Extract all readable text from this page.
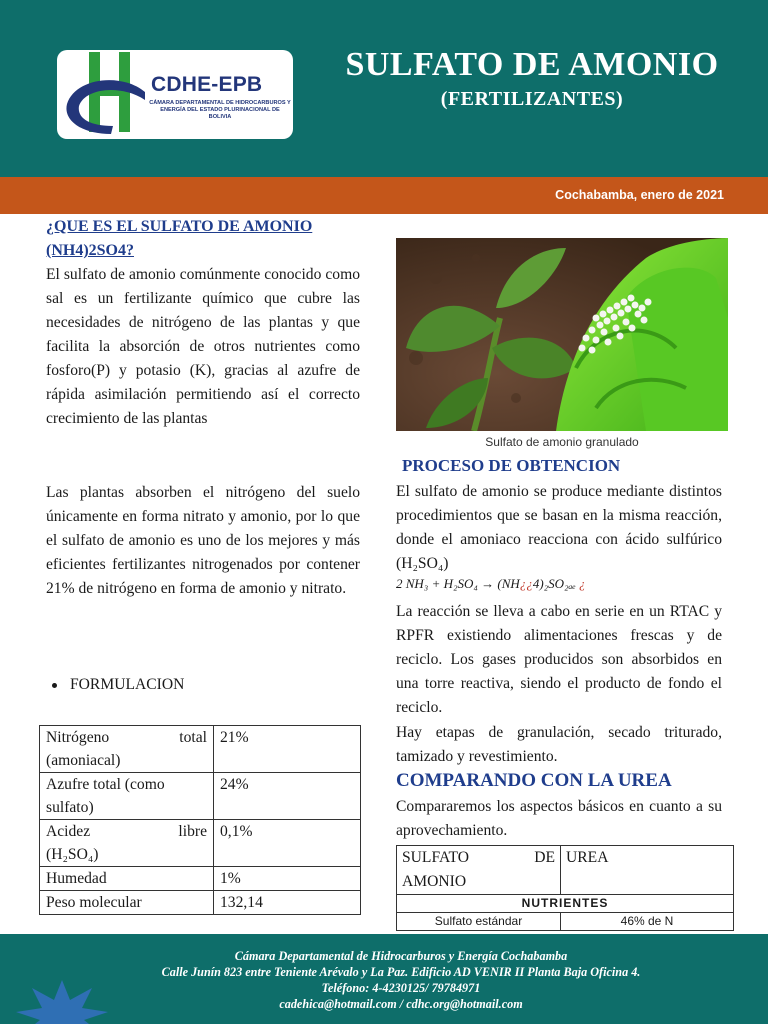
CDHE-EPB
CÁMARA DEPARTAMENTAL DE HIDROCARBUROS Y ENERGÍA DEL ESTADO PLURINACIONAL DE BOLIVIA
SULFATO DE AMONIO
(FERTILIZANTES)
Cochabamba, enero de 2021
¿QUE ES EL SULFATO DE AMONIO (NH4)2SO4?
El sulfato de amonio comúnmente conocido como sal es un fertilizante químico que cubre las necesidades de nitrógeno de las plantas y que facilita la absorción de otros nutrientes como fosforo(P) y potasio (K), gracias al azufre de rápida asimilación permitiendo así el correcto crecimiento de las plantas
Las plantas absorben el nitrógeno del suelo únicamente en forma nitrato y amonio, por lo que el sulfato de amonio es uno de los mejores y más eficientes fertilizantes nitrogenados por contener 21% de nitrógeno en forma de amonio y nitrato.
FORMULACION
Nitrógeno total
(amoniacal)	21%

Azufre total (como
sulfato)	24%

Acidez libre
(H₂SO₄)	0,1%
Humedad	1%
Peso molecular	132,14
Sulfato de amonio granulado
PROCESO DE OBTENCION
El sulfato de amonio se produce mediante distintos procedimientos que se basan en la misma reacción, donde el amoniaco reacciona con ácido sulfúrico (H₂SO₄)
2 NH₃ + H₂SO₄ → (NH¿¿4)₂SO₂ₐₑ ¿
La reacción se lleva a cabo en serie en un RTAC y RPFR existiendo alimentaciones frescas y de reciclo. Los gases producidos son absorbidos en una torre reactiva, siendo el producto de fondo el reciclo.
Hay etapas de granulación, secado triturado, tamizado y revestimiento.
COMPARANDO CON LA UREA
Compararemos los aspectos básicos en cuanto a su aprovechamiento.
SULFATO DE
AMONIO	UREA
NUTRIENTES	
Sulfato estándar	46% de N
Cámara Departamental de Hidrocarburos y Energía Cochabamba
Calle Junín 823 entre Teniente Arévalo y La Paz. Edificio AD VENIR II Planta Baja Oficina 4.
Teléfono: 4-4230125/ 79784971
cadehica@hotmail.com / cdhc.org@hotmail.com
